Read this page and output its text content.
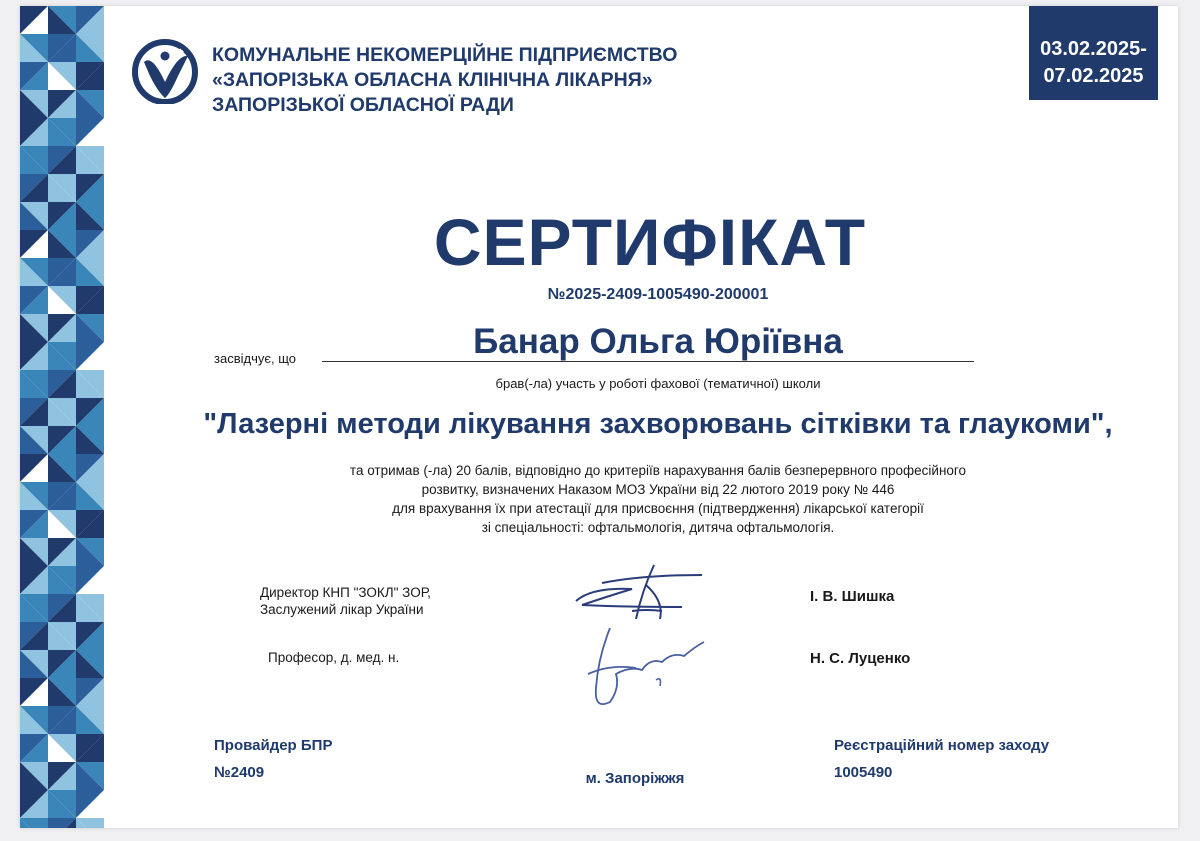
КОМУНАЛЬНЕ НЕКОМЕРЦІЙНЕ ПІДПРИЄМСТВО
«ЗАПОРІЗЬКА ОБЛАСНА КЛІНІЧНА ЛІКАРНЯ»
ЗАПОРІЗЬКОЇ ОБЛАСНОЇ РАДИ
03.02.2025-
07.02.2025
СЕРТИФІКАТ
№2025-2409-1005490-200001
засвідчує, що	Банар Ольга Юріївна
брав(-ла) участь у роботі фахової (тематичної) школи
"Лазерні методи лікування захворювань сітківки та глаукоми",
та отримав (-ла) 20 балів, відповідно до критеріїв нарахування балів безперервного професійного
розвитку, визначених Наказом МОЗ України від 22 лютого 2019 року № 446
для врахування їх при атестації для присвоєння (підтвердження) лікарської категорії
зі спеціальності: офтальмологія, дитяча офтальмологія.
Директор КНП "ЗОКЛ" ЗОР,
Заслужений лікар України
І. В. Шишка
Професор, д. мед. н.	Н. С. Луценко
Провайдер БПР
№2409	м. Запоріжжя
Реєстраційний номер заходу
1005490
